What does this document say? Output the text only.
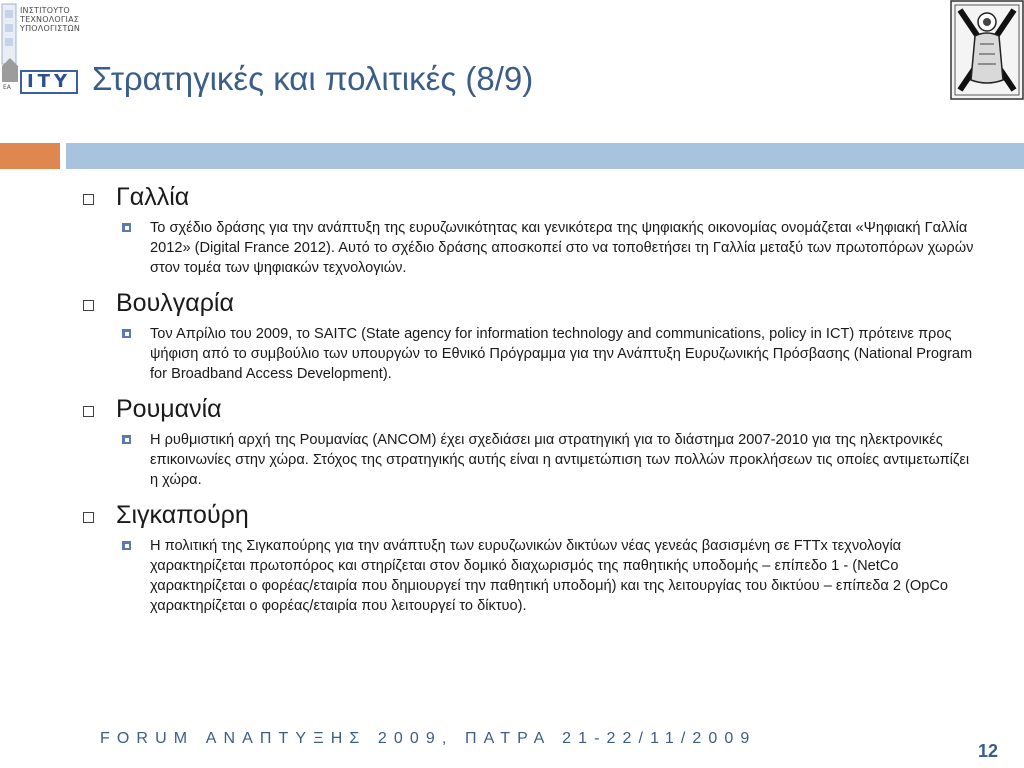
ΙΝΣΤΙΤΟΥΤΟ
ΤΕΧΝΟΛΟΓΙΑΣ
ΥΠΟΛΟΓΙΣΤΩΝ
ITY
ΕΑ Στρατηγικές και πολιτικές (8/9)
Γαλλία
Το σχέδιο δράσης για την ανάπτυξη της ευρυζωνικότητας και γενικότερα της ψηφιακής οικονομίας ονομάζεται «Ψηφιακή Γαλλία 2012» (Digital France 2012). Αυτό το σχέδιο δράσης αποσκοπεί στο να τοποθετήσει τη Γαλλία μεταξύ των πρωτοπόρων χωρών στον τομέα των ψηφιακών τεχνολογιών.
Βουλγαρία
Τον Απρίλιο του 2009, το SAITC (State agency for information technology and communications, policy in ICT) πρότεινε προς ψήφιση από το συμβούλιο των υπουργών το Εθνικό Πρόγραμμα για την Ανάπτυξη Ευρυζωνικής Πρόσβασης (National Program for Broadband Access Development).
Ρουμανία
Η ρυθμιστική αρχή της Ρουμανίας (ANCOM) έχει σχεδιάσει μια στρατηγική για το διάστημα 2007-2010 για της ηλεκτρονικές επικοινωνίες στην χώρα. Στόχος της στρατηγικής αυτής είναι η αντιμετώπιση των πολλών προκλήσεων τις οποίες αντιμετωπίζει η χώρα.
Σιγκαπούρη
Η πολιτική της Σιγκαπούρης για την ανάπτυξη των ευρυζωνικών δικτύων νέας γενεάς βασισμένη σε FTTx τεχνολογία χαρακτηρίζεται πρωτοπόρος και στηρίζεται στον δομικό διαχωρισμός της παθητικής υποδομής – επίπεδο 1 - (NetCo χαρακτηρίζεται ο φορέας/εταιρία που δημιουργεί την παθητική υποδομή) και της λειτουργίας του δικτύου – επίπεδα 2 (OpCo χαρακτηρίζεται ο φορέας/εταιρία που λειτουργεί το δίκτυο).
FORUM ΑΝΑΠΤΥΞΗΣ 2009, ΠΑΤΡΑ 21-22/11/2009
12
